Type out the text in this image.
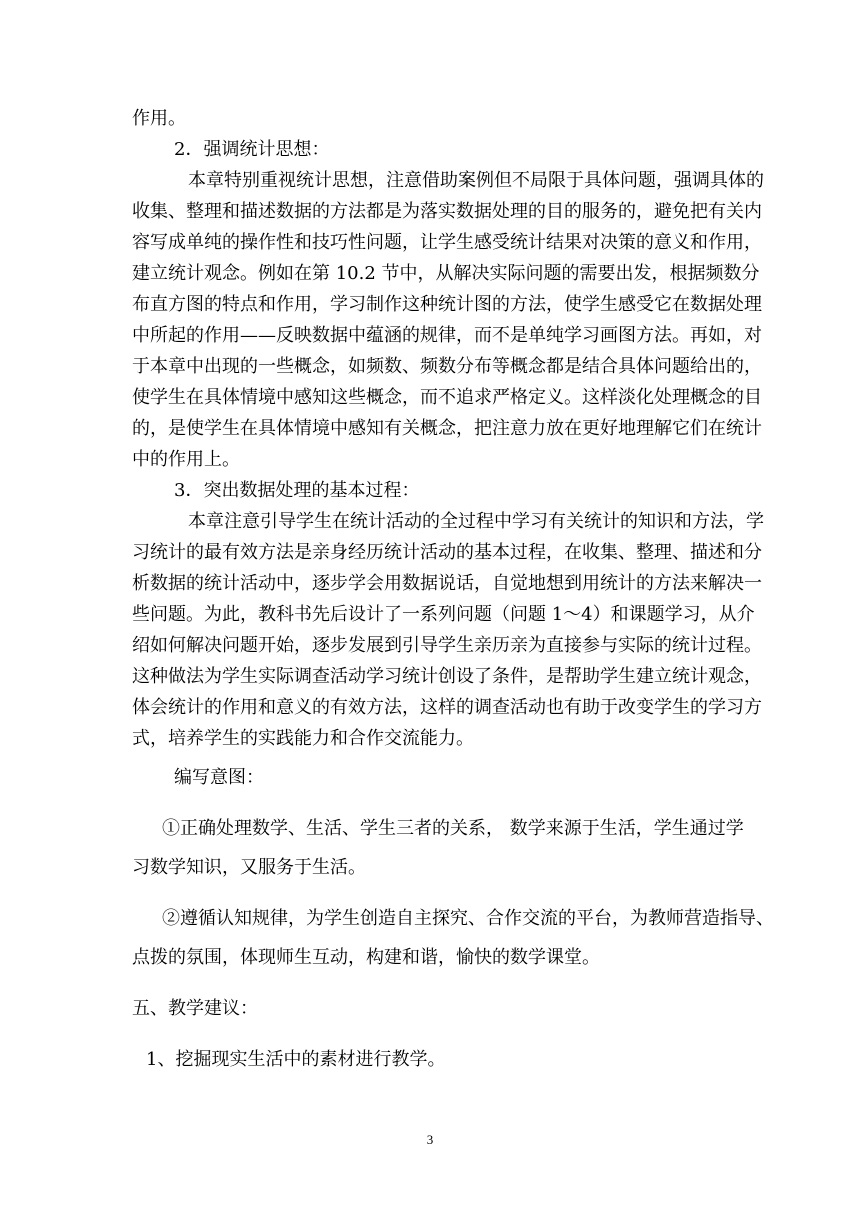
作用。
2．强调统计思想：
本章特别重视统计思想，注意借助案例但不局限于具体问题，强调具体的
收集、整理和描述数据的方法都是为落实数据处理的目的服务的，避免把有关内
容写成单纯的操作性和技巧性问题，让学生感受统计结果对决策的意义和作用，
建立统计观念。例如在第 10.2 节中，从解决实际问题的需要出发，根据频数分
布直方图的特点和作用，学习制作这种统计图的方法，使学生感受它在数据处理
中所起的作用——反映数据中蕴涵的规律，而不是单纯学习画图方法。再如，对
于本章中出现的一些概念，如频数、频数分布等概念都是结合具体问题给出的，
使学生在具体情境中感知这些概念，而不追求严格定义。这样淡化处理概念的目
的，是使学生在具体情境中感知有关概念，把注意力放在更好地理解它们在统计
中的作用上。
3．突出数据处理的基本过程：
本章注意引导学生在统计活动的全过程中学习有关统计的知识和方法，学
习统计的最有效方法是亲身经历统计活动的基本过程，在收集、整理、描述和分
析数据的统计活动中，逐步学会用数据说话，自觉地想到用统计的方法来解决一
些问题。为此，教科书先后设计了一系列问题（问题 1～4）和课题学习，从介
绍如何解决问题开始，逐步发展到引导学生亲历亲为直接参与实际的统计过程。
这种做法为学生实际调查活动学习统计创设了条件，是帮助学生建立统计观念，
体会统计的作用和意义的有效方法，这样的调查活动也有助于改变学生的学习方
式，培养学生的实践能力和合作交流能力。
编写意图：
①正确处理数学、生活、学生三者的关系， 数学来源于生活，学生通过学
习数学知识，又服务于生活。
②遵循认知规律，为学生创造自主探究、合作交流的平台，为教师营造指导、
点拨的氛围，体现师生互动，构建和谐，愉快的数学课堂。
五、教学建议：
1、挖掘现实生活中的素材进行教学。
3
